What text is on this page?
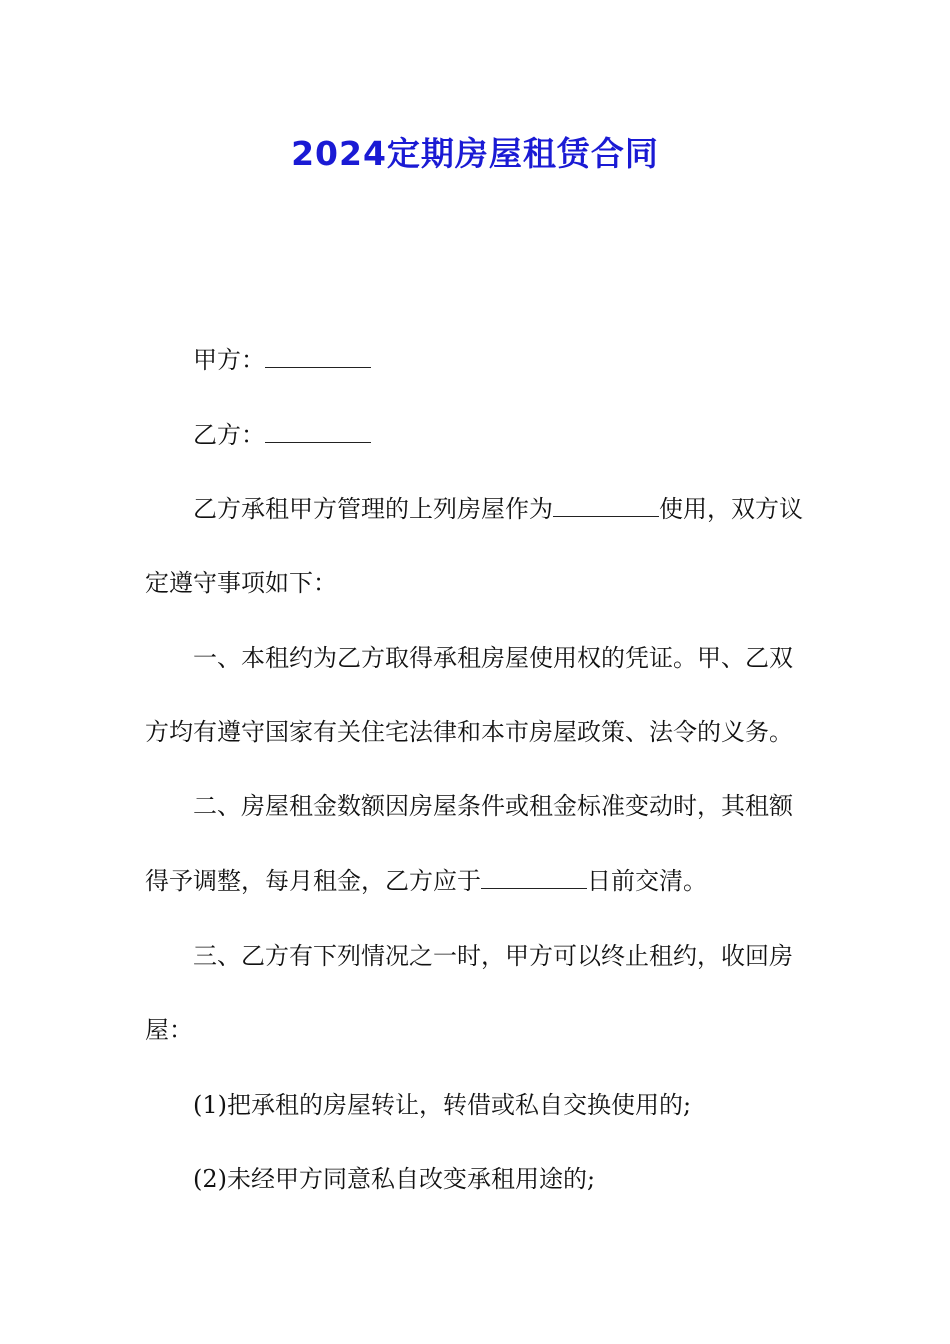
2024定期房屋租赁合同

甲方：

乙方：

乙方承租甲方管理的上列房屋作为	使用，双方议

定遵守事项如下：

一、本租约为乙方取得承租房屋使用权的凭证。甲、乙双

方均有遵守国家有关住宅法律和本市房屋政策、法令的义务。

二、房屋租金数额因房屋条件或租金标准变动时，其租额

得予调整，每月租金，乙方应于	日前交清。

三、乙方有下列情况之一时，甲方可以终止租约，收回房

屋：

(1)把承租的房屋转让，转借或私自交换使用的;

(2)未经甲方同意私自改变承租用途的;
